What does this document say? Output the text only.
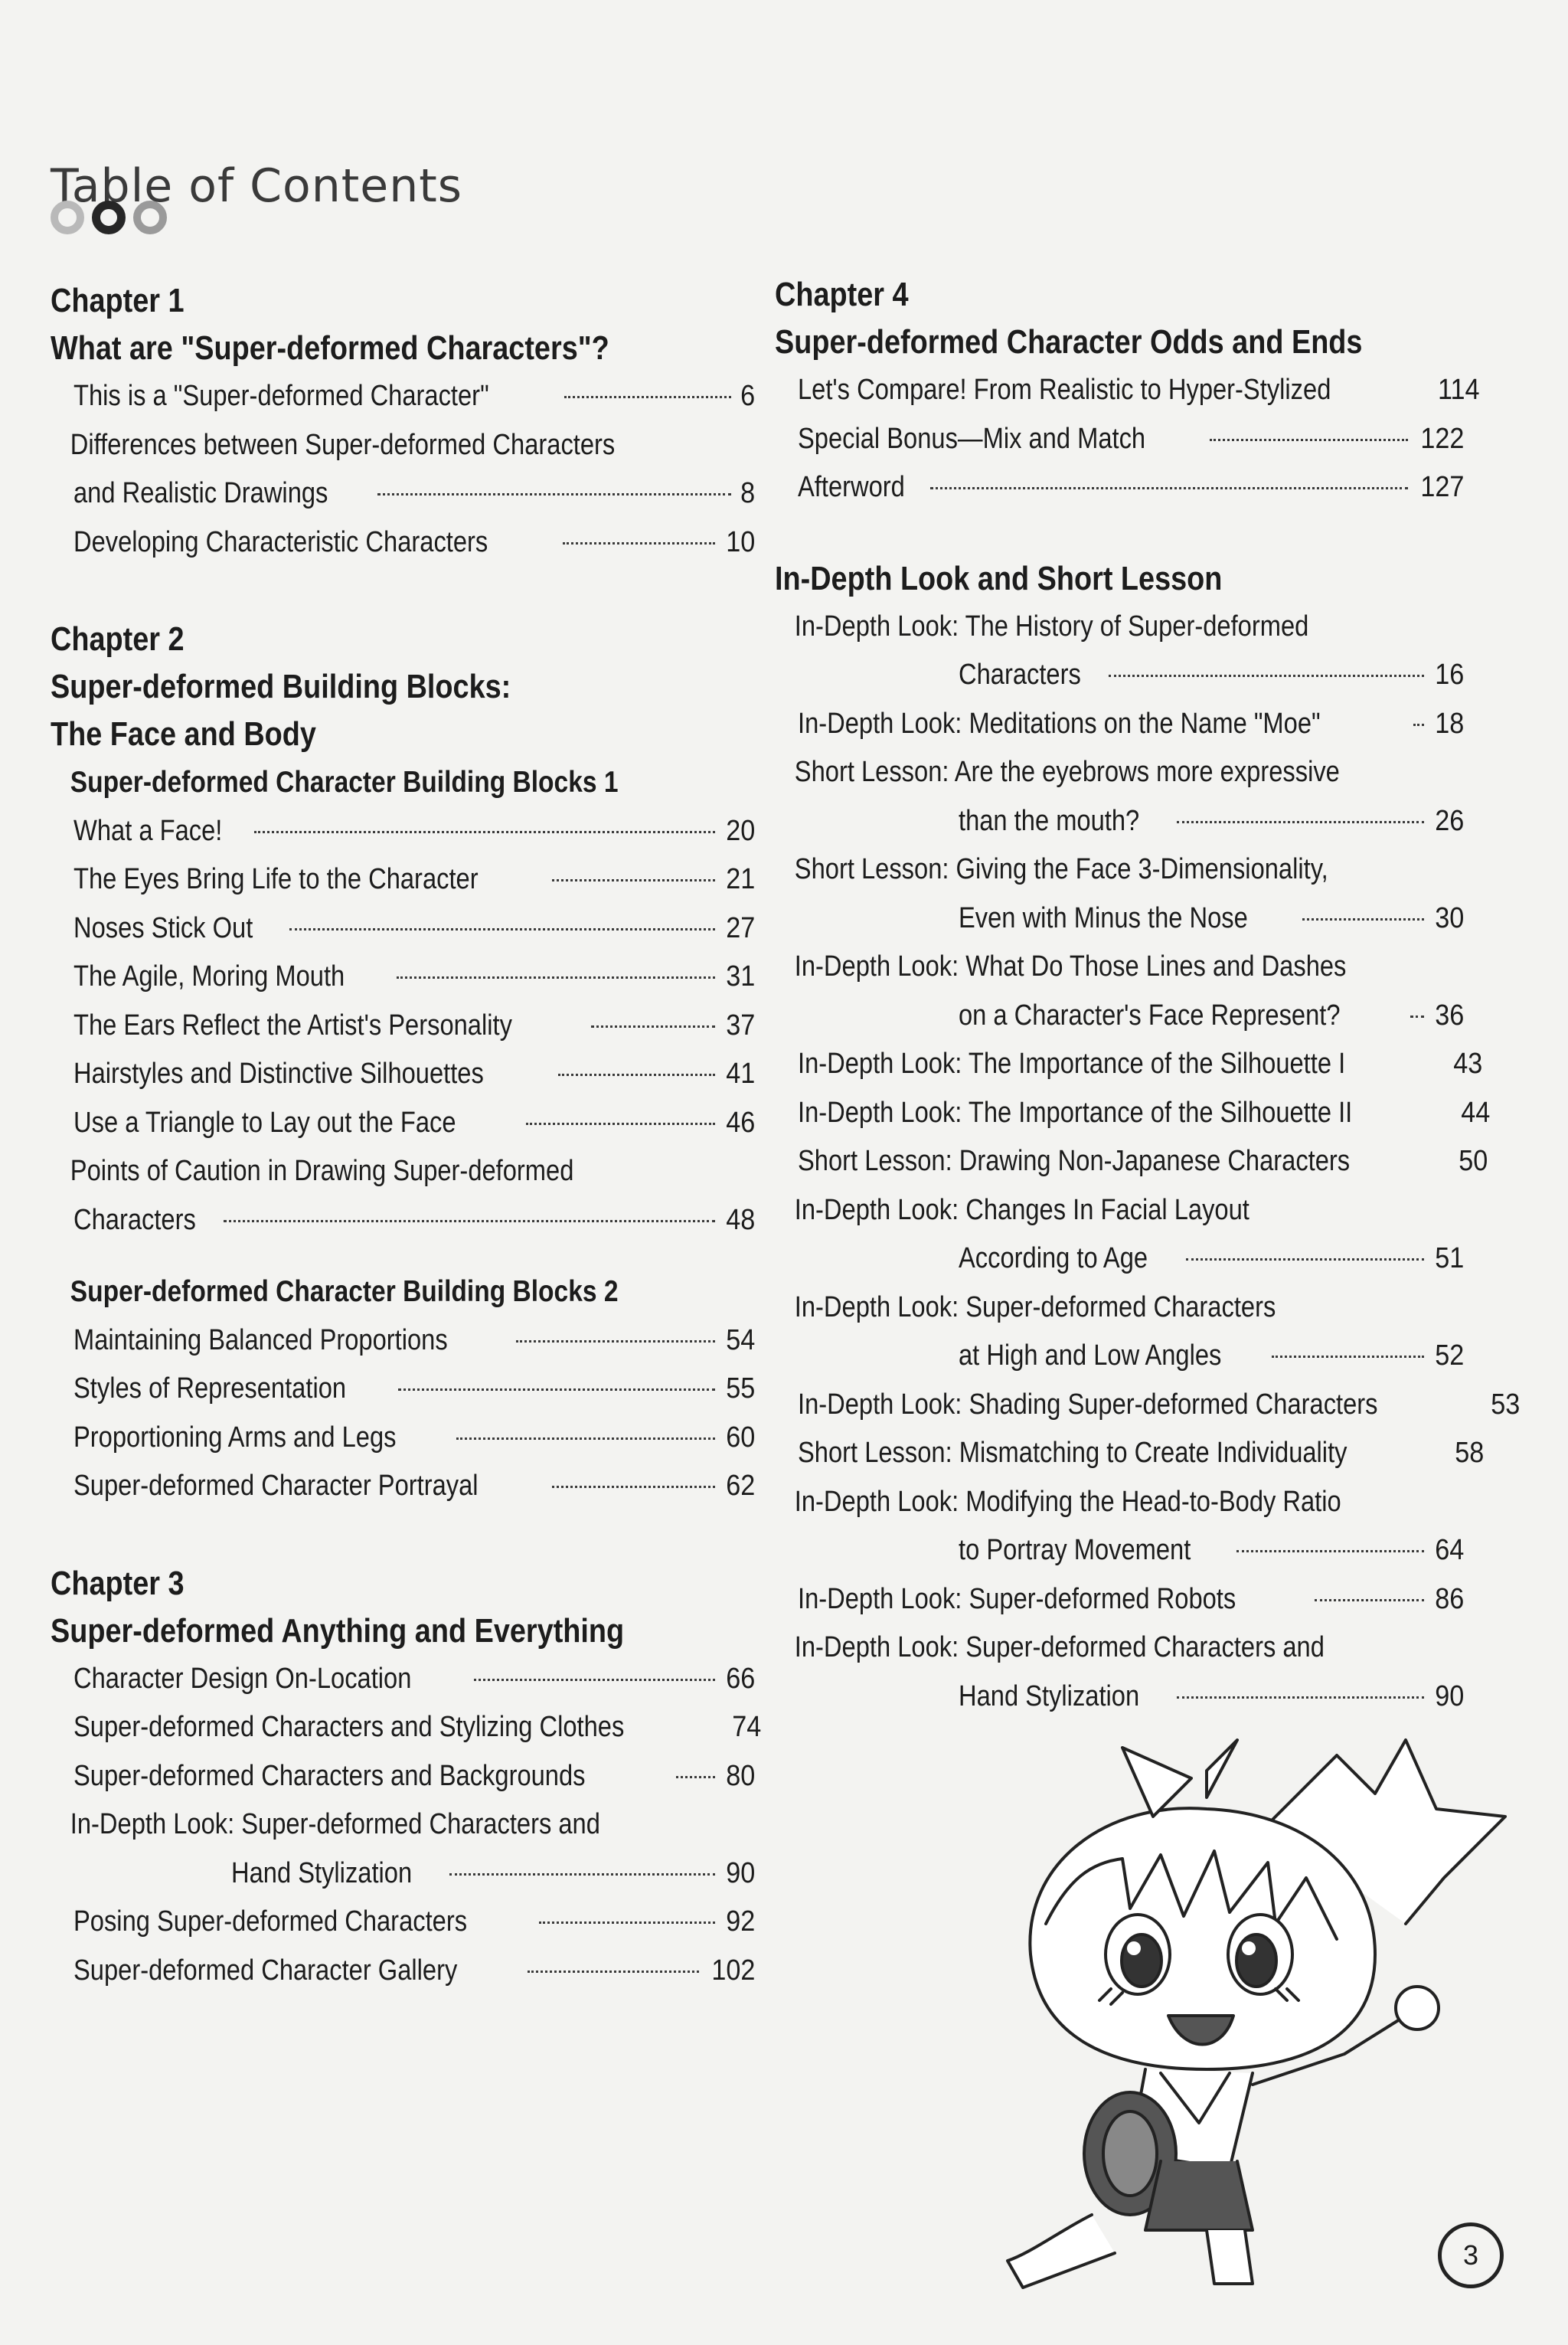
Table of Contents
Chapter 1
What are "Super-deformed Characters"?
This is a "Super-deformed Character"	6
Differences between Super-deformed Characters
and Realistic Drawings	8
Developing Characteristic Characters	10
Chapter 2
Super-deformed Building Blocks:
The Face and Body
Super-deformed Character Building Blocks 1
What a Face!	20
The Eyes Bring Life to the Character	21
Noses Stick Out	27
The Agile, Moring Mouth	31
The Ears Reflect the Artist's Personality	37
Hairstyles and Distinctive Silhouettes	41
Use a Triangle to Lay out the Face	46
Points of Caution in Drawing Super-deformed
Characters	48
Super-deformed Character Building Blocks 2
Maintaining Balanced Proportions	54
Styles of Representation	55
Proportioning Arms and Legs	60
Super-deformed Character Portrayal	62
Chapter 3
Super-deformed Anything and Everything
Character Design On-Location	66
Super-deformed Characters and Stylizing Clothes	74
Super-deformed Characters and Backgrounds	80
In-Depth Look: Super-deformed Characters and
Hand Stylization	90
Posing Super-deformed Characters	92
Super-deformed Character Gallery	102
Chapter 4
Super-deformed Character Odds and Ends
Let's Compare! From Realistic to Hyper-Stylized	114
Special Bonus—Mix and Match	122
Afterword	127
In-Depth Look and Short Lesson
In-Depth Look: The History of Super-deformed
Characters	16
In-Depth Look: Meditations on the Name "Moe"	18
Short Lesson: Are the eyebrows more expressive
than the mouth?	26
Short Lesson: Giving the Face 3-Dimensionality,
Even with Minus the Nose	30
In-Depth Look: What Do Those Lines and Dashes
on a Character's Face Represent?	36
In-Depth Look: The Importance of the Silhouette I	43
In-Depth Look: The Importance of the Silhouette II	44
Short Lesson: Drawing Non-Japanese Characters	50
In-Depth Look: Changes In Facial Layout
According to Age	51
In-Depth Look: Super-deformed Characters
at High and Low Angles	52
In-Depth Look: Shading Super-deformed Characters	53
Short Lesson: Mismatching to Create Individuality	58
In-Depth Look: Modifying the Head-to-Body Ratio
to Portray Movement	64
In-Depth Look: Super-deformed Robots	86
In-Depth Look: Super-deformed Characters and
Hand Stylization	90
3
